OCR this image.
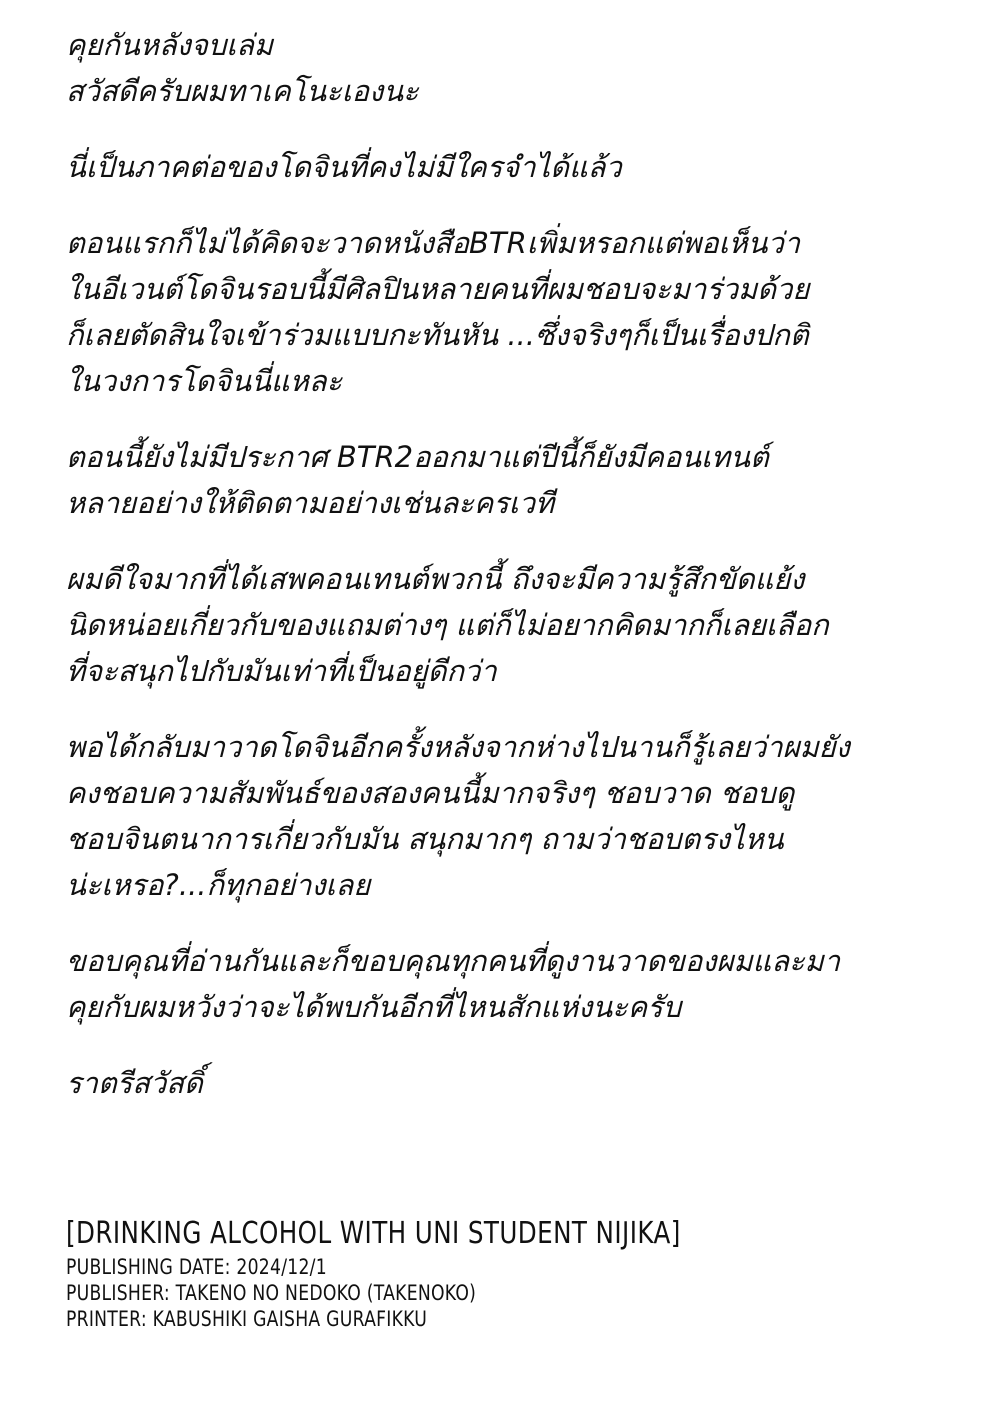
คุยกันหลังจบเล่ม
สวัสดีครับผมทาเคโนะเองนะ
นี่เป็นภาคต่อของโดจินที่คงไม่มีใครจำได้แล้ว
ตอนแรกก็ไม่ได้คิดจะวาดหนังสือBTRเพิ่มหรอกแต่พอเห็นว่า
ในอีเวนต์โดจินรอบนี้มีศิลปินหลายคนที่ผมชอบจะมาร่วมด้วย
ก็เลยตัดสินใจเข้าร่วมแบบกะทันหัน ...ซึ่งจริงๆก็เป็นเรื่องปกติ
ในวงการโดจินนี่แหละ
ตอนนี้ยังไม่มีประกาศ BTR2ออกมาแต่ปีนี้ก็ยังมีคอนเทนต์
หลายอย่างให้ติดตามอย่างเช่นละครเวที
ผมดีใจมากที่ได้เสพคอนเทนต์พวกนี้ ถึงจะมีความรู้สึกขัดแย้ง
นิดหน่อยเกี่ยวกับของแถมต่างๆ แต่ก็ไม่อยากคิดมากก็เลยเลือก
ที่จะสนุกไปกับมันเท่าที่เป็นอยู่ดีกว่า
พอได้กลับมาวาดโดจินอีกครั้งหลังจากห่างไปนานก็รู้เลยว่าผมยัง
คงชอบความสัมพันธ์ของสองคนนี้มากจริงๆ ชอบวาด ชอบดู
ชอบจินตนาการเกี่ยวกับมัน สนุกมากๆ ถามว่าชอบตรงไหน
น่ะเหรอ?...ก็ทุกอย่างเลย
ขอบคุณที่อ่านกันและก็ขอบคุณทุกคนที่ดูงานวาดของผมและมา
คุยกับผมหวังว่าจะได้พบกันอีกที่ไหนสักแห่งนะครับ
ราตรีสวัสดิ์
[DRINKING ALCOHOL WITH UNI STUDENT NIJIKA]
PUBLISHING DATE: 2024/12/1
PUBLISHER: TAKENO NO NEDOKO (TAKENOKO)
PRINTER: KABUSHIKI GAISHA GURAFIKKU
